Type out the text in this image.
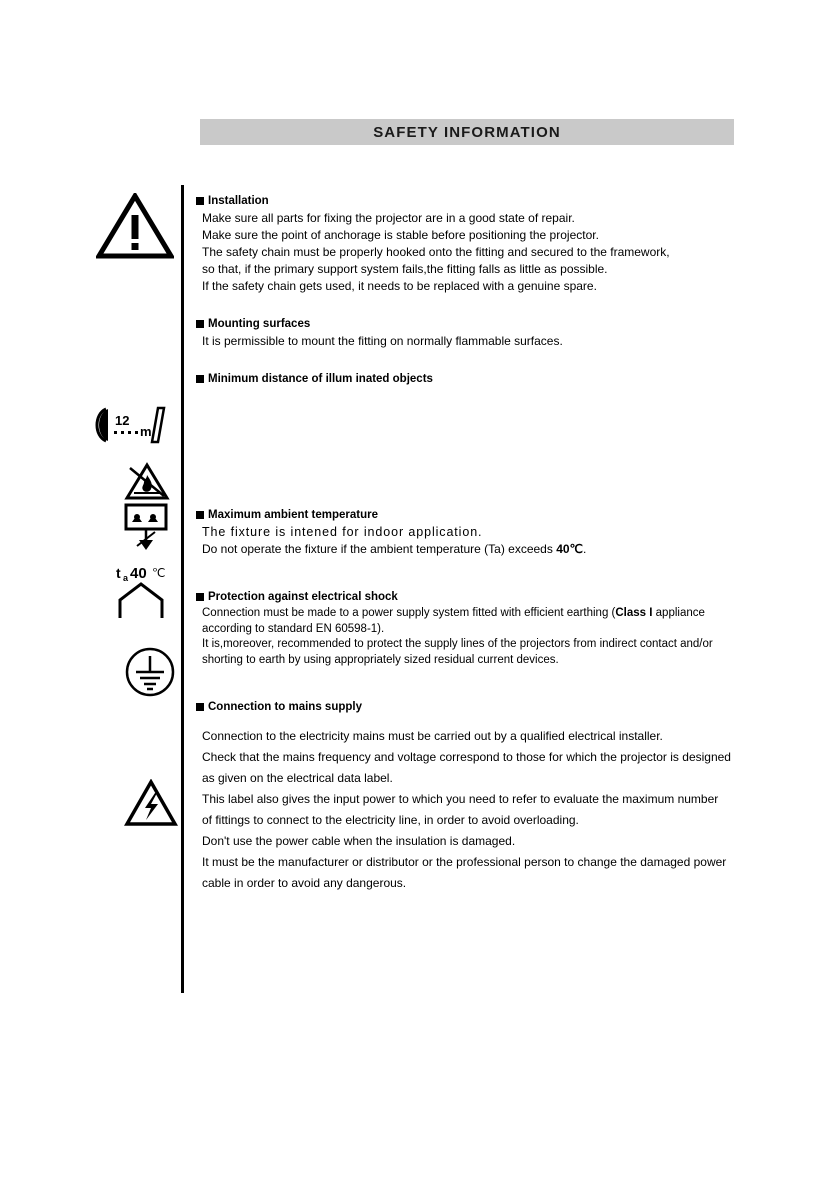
SAFETY INFORMATION
12
m
t a 40 ℃
Installation

Make sure all parts for fixing the projector are in a good state of repair.

Make sure the point of anchorage is stable before positioning the projector.

The safety chain must be properly hooked onto the fitting and secured to the framework,

so that, if the primary support system fails,the fitting falls as little as possible.

If the safety chain gets used, it needs to be replaced with a genuine spare.

Mounting surfaces

It is permissible to mount the fitting on normally flammable surfaces.

Minimum distance of illum inated objects
Maximum ambient temperature

The fixture is intened for indoor application.

Do not operate the fixture if the ambient temperature (Ta) exceeds 40℃.

Protection against electrical shock

Connection must be made to a power supply system fitted with efficient earthing (Class I appliance

according to standard EN 60598-1).

It is,moreover, recommended to protect the supply lines of the projectors from indirect contact and/or

shorting to earth by using appropriately sized residual current devices.

Connection to mains supply

Connection to the electricity mains must be carried out by a qualified electrical installer.

Check that the mains frequency and voltage correspond to those for which the projector is designed

as given on the electrical data label.

This label also gives the input power to which you need to refer to evaluate the maximum number

of fittings to connect to the electricity line, in order to avoid overloading.

Don't use the power cable when the insulation is damaged.

It must be the manufacturer or distributor or the professional person to change the damaged power

cable in order to avoid any dangerous.
